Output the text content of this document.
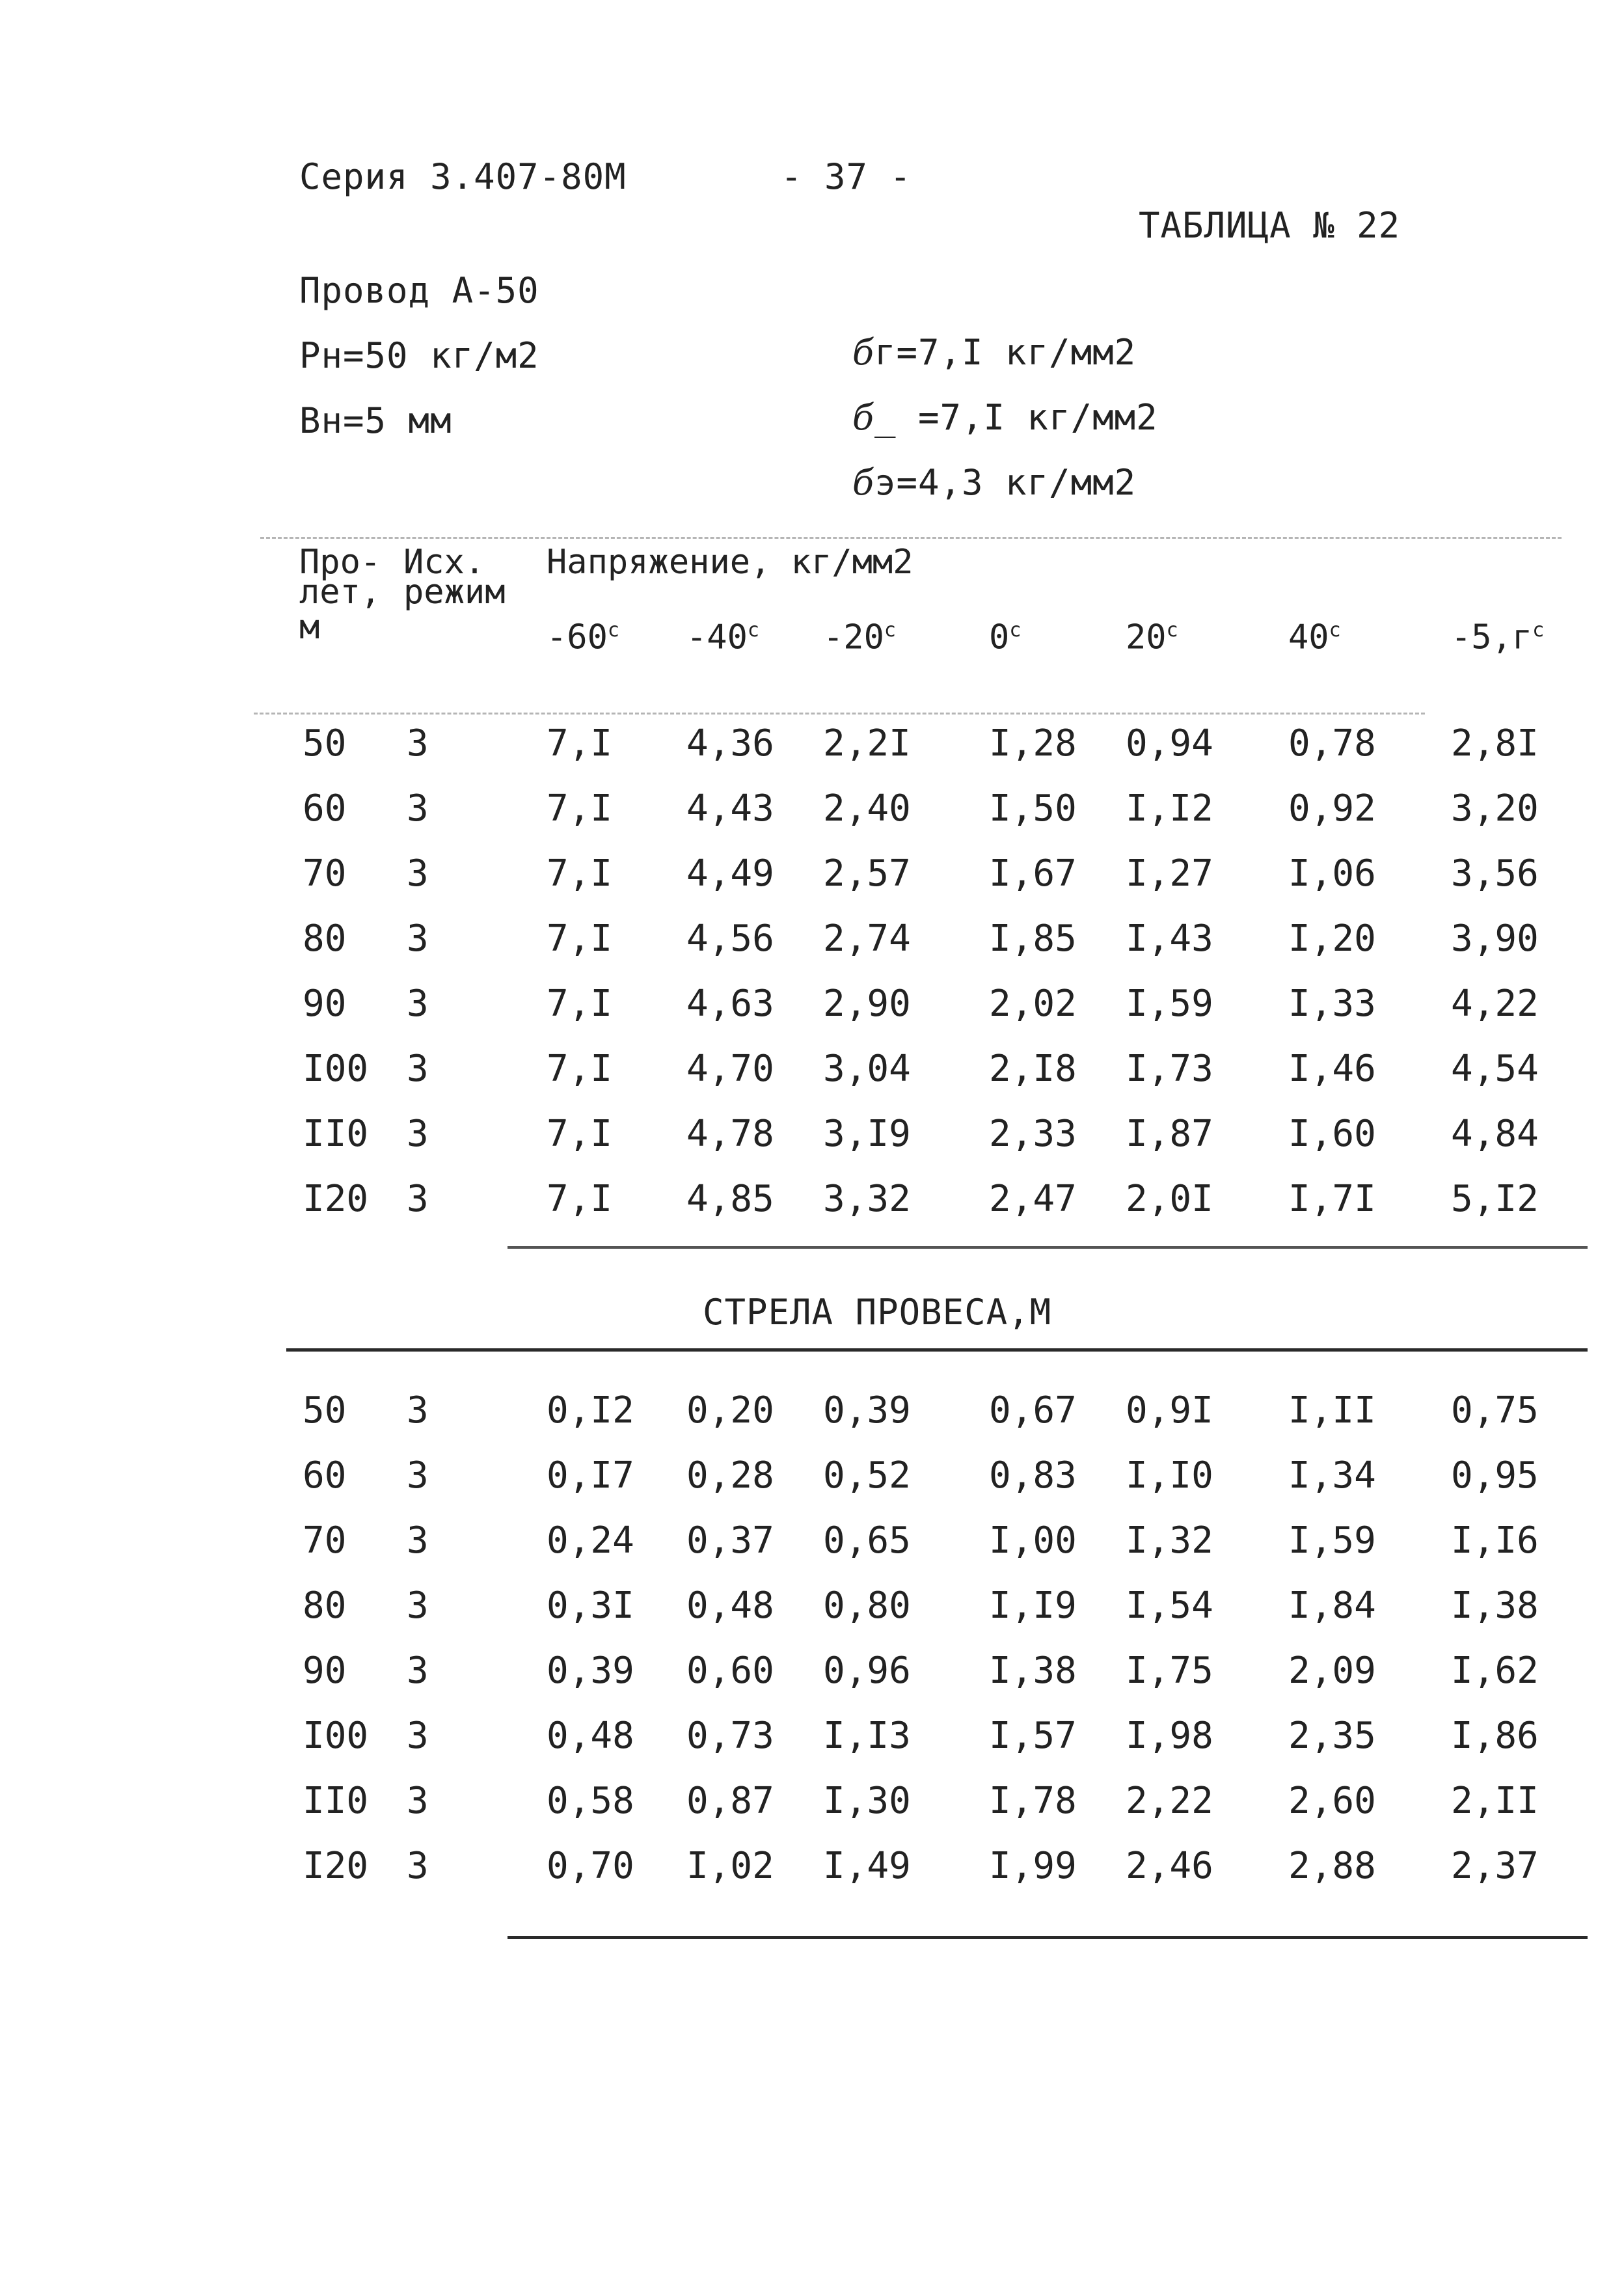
Серия 3.407-80М	- 37 -
ТАБЛИЦА № 22
Провод А-50
Рн=50 кг/м2
Вн=5 мм
бг=7,I кг/мм2
б_ =7,I кг/мм2
бэ=4,3 кг/мм2
Про-
лет,
м
Исх.
режим
Напряжение, кг/мм2
$-60^с$ $-40^с$ $-20^с$	$0^с$	$20^с$	$40^с$	$-5,г^с$
50 3	7,I 4,36 2,2I I,28 0,94 0,78 2,8I
60 3	7,I 4,43 2,40 I,50 I,I2 0,92 3,20
70 3	7,I 4,49 2,57 I,67 I,27 I,06 3,56
80 3	7,I 4,56 2,74 I,85 I,43 I,20 3,90
90 3	7,I 4,63 2,90 2,02 I,59 I,33 4,22
I00 3	7,I 4,70 3,04 2,I8 I,73 I,46 4,54
II0 3	7,I 4,78 3,I9 2,33 I,87 I,60 4,84
I20 3	7,I 4,85 3,32 2,47 2,0I I,7I 5,I2
СТРЕЛА ПРОВЕСА,М
50 3	0,I2 0,20 0,39 0,67 0,9I I,II 0,75
60 3	0,I7 0,28 0,52 0,83 I,I0 I,34 0,95
70 3	0,24 0,37 0,65 I,00 I,32 I,59 I,I6
80 3	0,3I 0,48 0,80 I,I9 I,54 I,84 I,38
90 3	0,39 0,60 0,96 I,38 I,75 2,09 I,62
I00 3	0,48 0,73 I,I3 I,57 I,98 2,35 I,86
II0 3	0,58 0,87 I,30 I,78 2,22 2,60 2,II
I20 3	0,70 I,02 I,49 I,99 2,46 2,88 2,37
